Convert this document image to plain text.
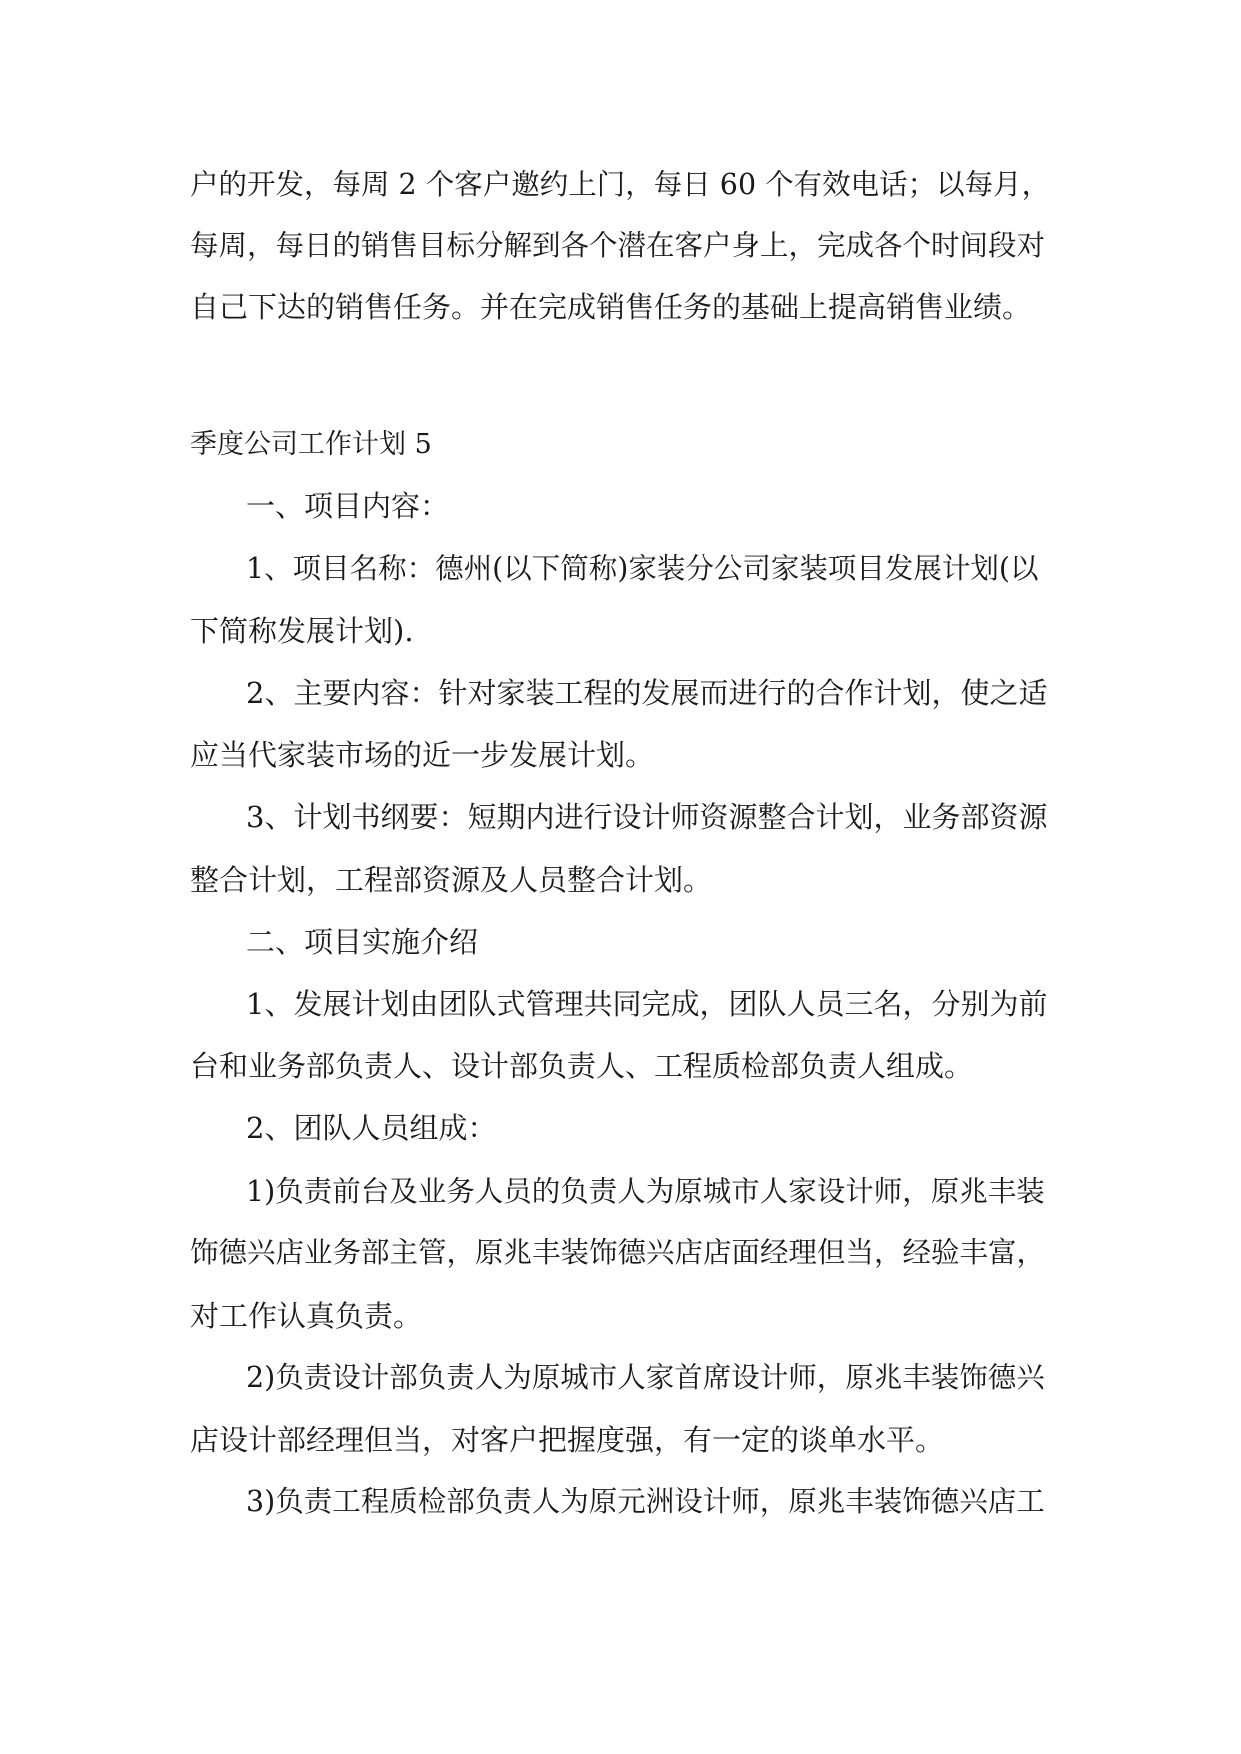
户的开发，每周 2 个客户邀约上门，每日 60 个有效电话；以每月，
每周，每日的销售目标分解到各个潜在客户身上，完成各个时间段对
自己下达的销售任务。并在完成销售任务的基础上提高销售业绩。
季度公司工作计划 5
一、项目内容：
1、项目名称：德州(以下简称)家装分公司家装项目发展计划(以
下简称发展计划).
2、主要内容：针对家装工程的发展而进行的合作计划，使之适
应当代家装市场的近一步发展计划。
3、计划书纲要：短期内进行设计师资源整合计划，业务部资源
整合计划，工程部资源及人员整合计划。
二、项目实施介绍
1、发展计划由团队式管理共同完成，团队人员三名，分别为前
台和业务部负责人、设计部负责人、工程质检部负责人组成。
2、团队人员组成：
1)负责前台及业务人员的负责人为原城市人家设计师，原兆丰装
饰德兴店业务部主管，原兆丰装饰德兴店店面经理但当，经验丰富，
对工作认真负责。
2)负责设计部负责人为原城市人家首席设计师，原兆丰装饰德兴
店设计部经理但当，对客户把握度强，有一定的谈单水平。
3)负责工程质检部负责人为原元洲设计师，原兆丰装饰德兴店工
